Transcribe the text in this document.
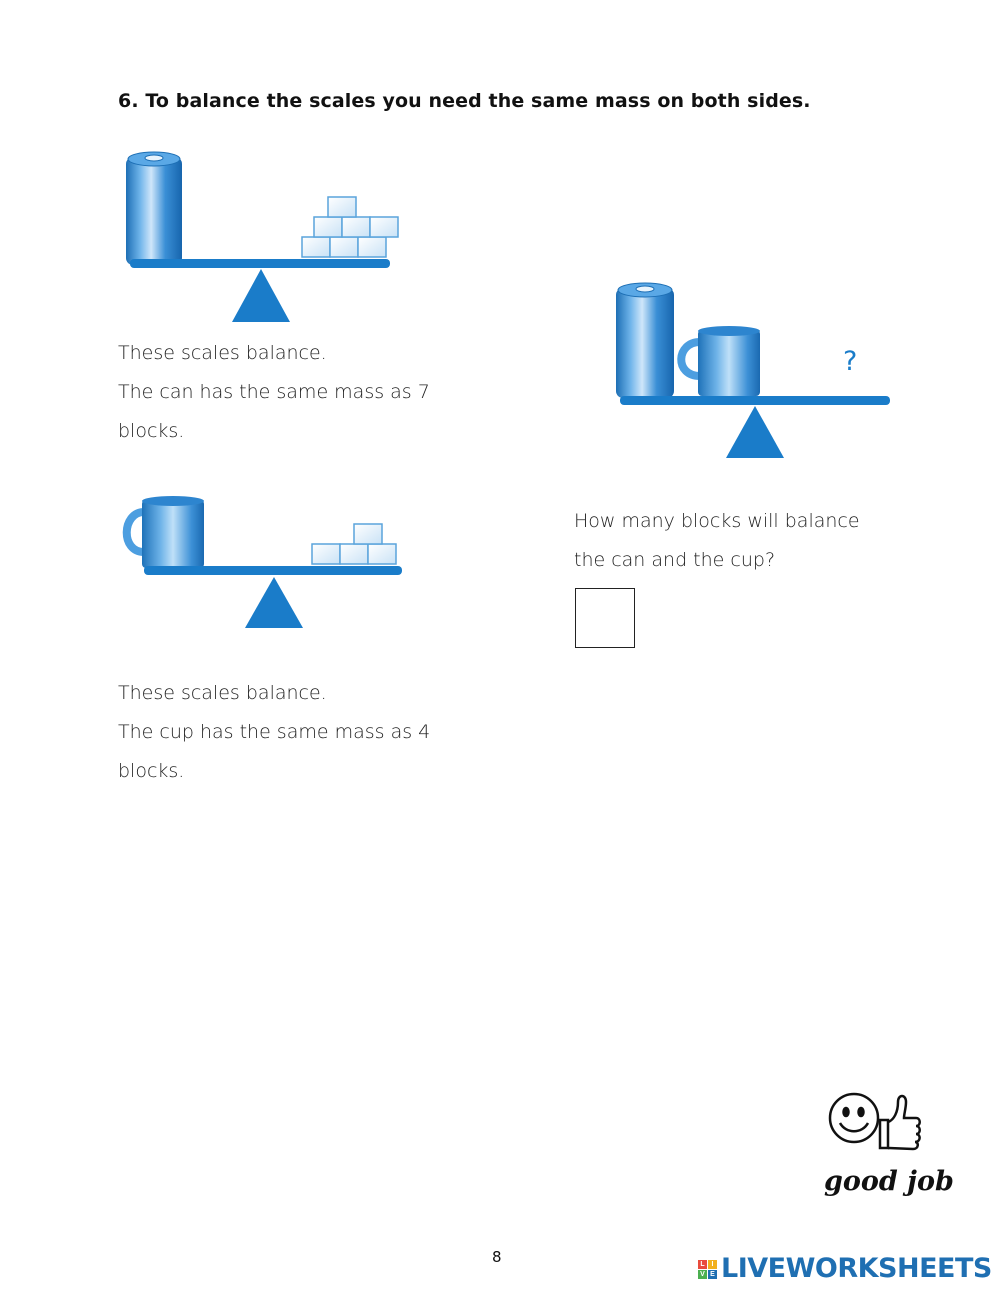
6. To balance the scales you need the same mass on both sides.
These scales balance.
The can has the same mass as 7
blocks.
These scales balance.
The cup has the same mass as 4
blocks.
?
How many blocks will balance
the can and the cup?
good job
8	L I
V E LIVEWORKSHEETS
